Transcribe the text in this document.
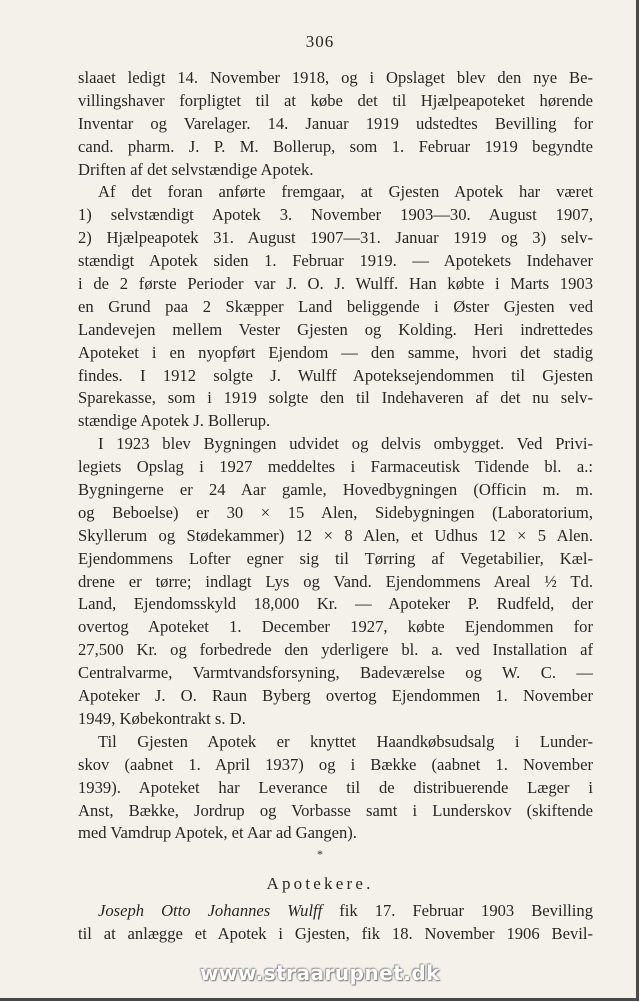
306
slaaet ledigt 14. November 1918, og i Opslaget blev den nye Be-
villingshaver forpligtet til at købe det til Hjælpeapoteket hørende
Inventar og Varelager. 14. Januar 1919 udstedtes Bevilling for
cand. pharm. J. P. M. Bollerup, som 1. Februar 1919 begyndte
Driften af det selvstændige Apotek.
Af det foran anførte fremgaar, at Gjesten Apotek har været
1) selvstændigt Apotek 3. November 1903—30. August 1907,
2) Hjælpeapotek 31. August 1907—31. Januar 1919 og 3) selv-
stændigt Apotek siden 1. Februar 1919. — Apotekets Indehaver
i de 2 første Perioder var J. O. J. Wulff. Han købte i Marts 1903
en Grund paa 2 Skæpper Land beliggende i Øster Gjesten ved
Landevejen mellem Vester Gjesten og Kolding. Heri indrettedes
Apoteket i en nyopført Ejendom — den samme, hvori det stadig
findes. I 1912 solgte J. Wulff Apoteksejendommen til Gjesten
Sparekasse, som i 1919 solgte den til Indehaveren af det nu selv-
stændige Apotek J. Bollerup.
I 1923 blev Bygningen udvidet og delvis ombygget. Ved Privi-
legiets Opslag i 1927 meddeltes i Farmaceutisk Tidende bl. a.:
Bygningerne er 24 Aar gamle, Hovedbygningen (Officin m. m.
og Beboelse) er 30 × 15 Alen, Sidebygningen (Laboratorium,
Skyllerum og Stødekammer) 12 × 8 Alen, et Udhus 12 × 5 Alen.
Ejendommens Lofter egner sig til Tørring af Vegetabilier, Kæl-
drene er tørre; indlagt Lys og Vand. Ejendommens Areal ½ Td.
Land, Ejendomsskyld 18,000 Kr. — Apoteker P. Rudfeld, der
overtog Apoteket 1. December 1927, købte Ejendommen for
27,500 Kr. og forbedrede den yderligere bl. a. ved Installation af
Centralvarme, Varmtvandsforsyning, Badeværelse og W. C. —
Apoteker J. O. Raun Byberg overtog Ejendommen 1. November
1949, Købekontrakt s. D.
Til Gjesten Apotek er knyttet Haandkøbsudsalg i Lunder-
skov (aabnet 1. April 1937) og i Bække (aabnet 1. November
1939). Apoteket har Leverance til de distribuerende Læger i
Anst, Bække, Jordrup og Vorbasse samt i Lunderskov (skiftende
med Vamdrup Apotek, et Aar ad Gangen).
*
Apotekere.
Joseph Otto Johannes Wulff fik 17. Februar 1903 Bevilling
til at anlægge et Apotek i Gjesten, fik 18. November 1906 Bevil-
www.straarupnet.dk
